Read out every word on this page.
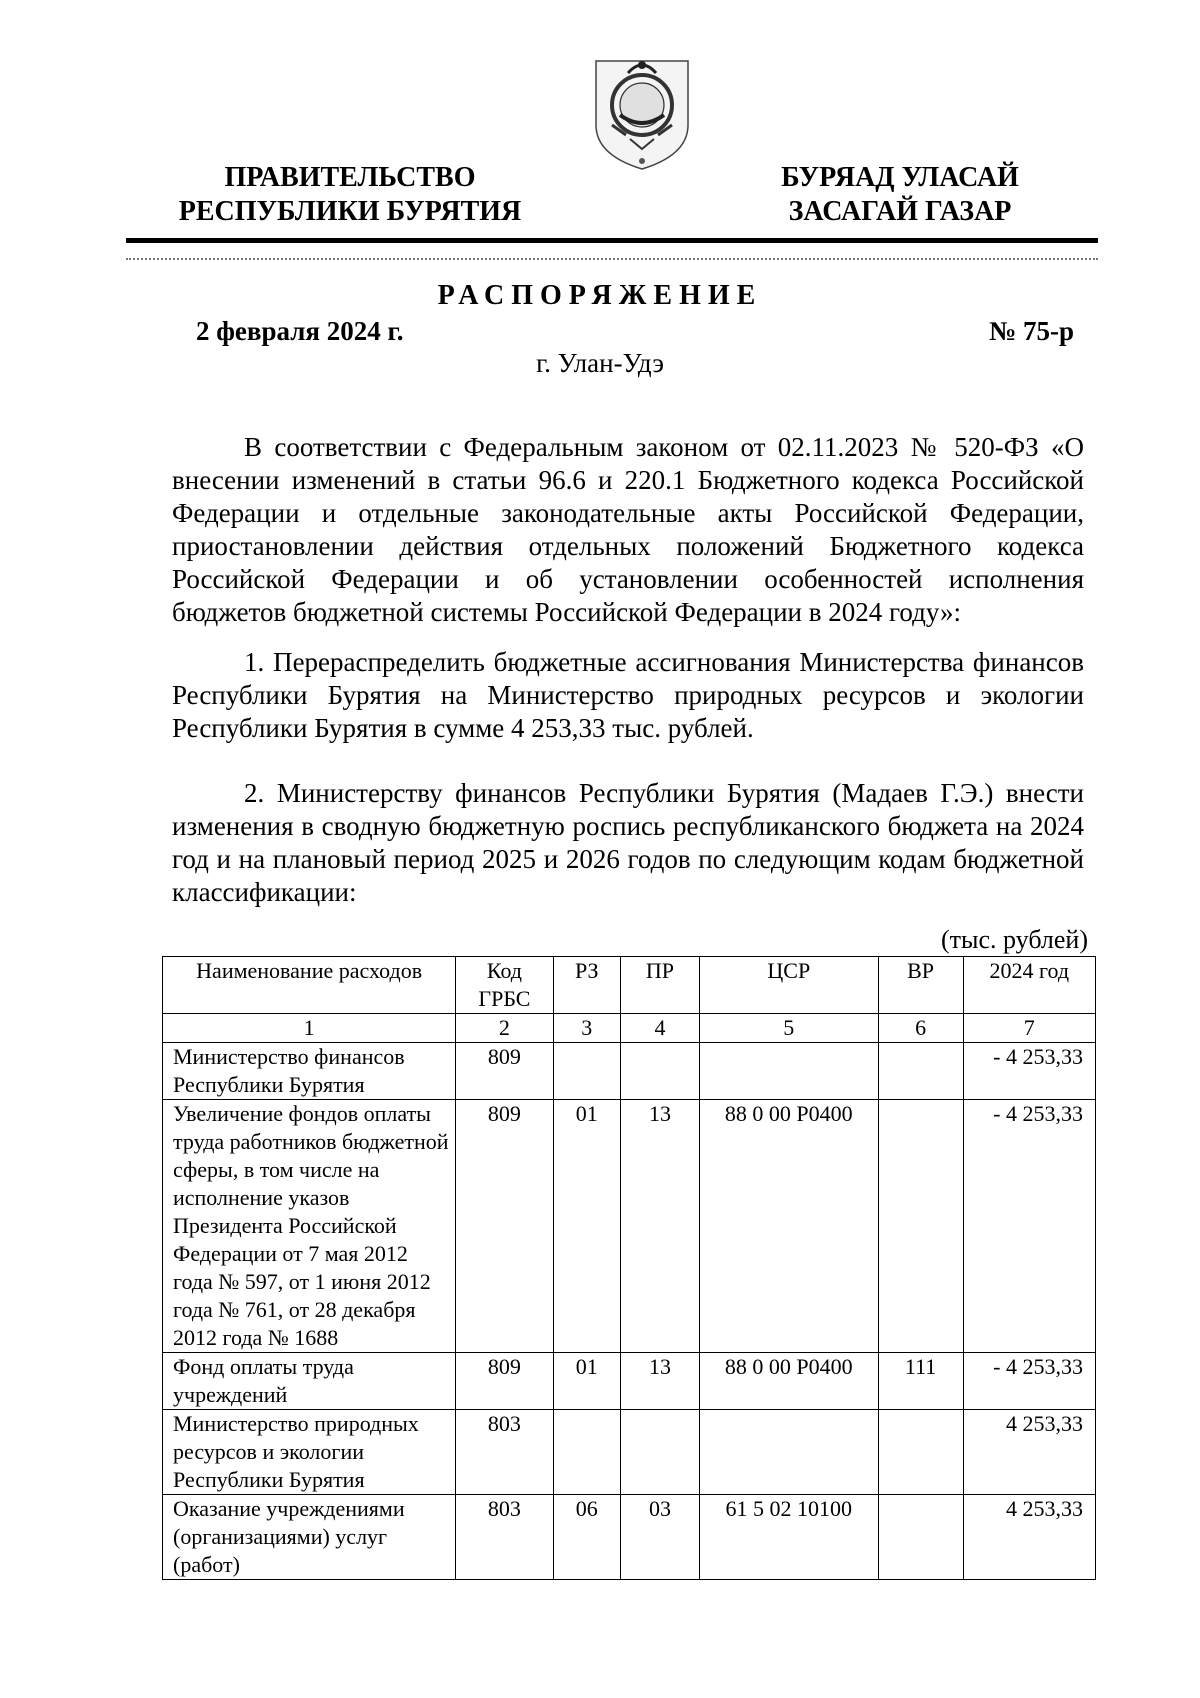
ПРАВИТЕЛЬСТВО
РЕСПУБЛИКИ БУРЯТИЯ
БУРЯАД УЛАСАЙ
ЗАСАГАЙ ГАЗАР
РАСПОРЯЖЕНИЕ
2 февраля 2024 г.	№ 75-р
г. Улан-Удэ

В соответствии с Федеральным законом от 02.11.2023 № 520-ФЗ «О внесении изменений в статьи 96.6 и 220.1 Бюджетного кодекса Российской Федерации и отдельные законодательные акты Российской Федерации, приостановлении действия отдельных положений Бюджетного кодекса Российской Федерации и об установлении особенностей исполнения бюджетов бюджетной системы Российской Федерации в 2024 году»:

1. Перераспределить бюджетные ассигнования Министерства финансов Республики Бурятия на Министерство природных ресурсов и экологии Республики Бурятия в сумме 4 253,33 тыс. рублей.

2. Министерству финансов Республики Бурятия (Мадаев Г.Э.) внести изменения в сводную бюджетную роспись республиканского бюджета на 2024 год и на плановый период 2025 и 2026 годов по следующим кодам бюджетной классификации:

(тыс. рублей)
Наименование расходов	Код ГРБС	РЗ	ПР	ЦСР	ВР	2024 год
1	2	3	4	5	6	7
Министерство финансов Республики Бурятия	809					- 4 253,33
Увеличение фондов оплаты труда работников бюджетной сферы, в том числе на исполнение указов Президента Российской Федерации от 7 мая 2012 года № 597, от 1 июня 2012 года № 761, от 28 декабря 2012 года № 1688	809	01	13	88 0 00 Р0400		- 4 253,33
Фонд оплаты труда учреждений	809	01	13	88 0 00 Р0400	111	- 4 253,33
Министерство природных ресурсов и экологии Республики Бурятия	803					4 253,33
Оказание учреждениями (организациями) услуг (работ)	803	06	03	61 5 02 10100		4 253,33
